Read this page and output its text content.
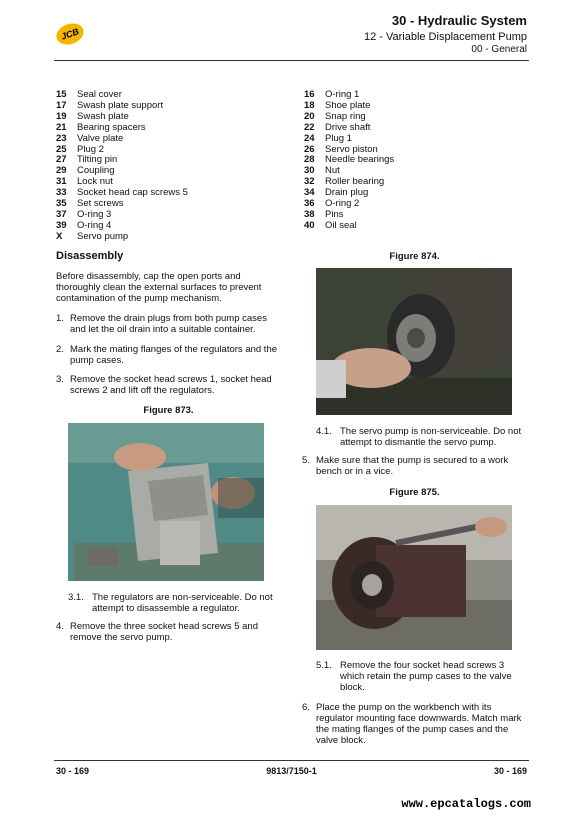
JCB
30 - Hydraulic System
12 - Variable Displacement Pump
00 - General
15	Seal cover
17	Swash plate support
19	Swash plate
21	Bearing spacers
23	Valve plate
25	Plug 2
27	Tilting pin
29	Coupling
31	Lock nut
33	Socket head cap screws 5
35	Set screws
37	O-ring 3
39	O-ring 4
X	Servo pump
16	O-ring 1
18	Shoe plate
20	Snap ring
22	Drive shaft
24	Plug 1
26	Servo piston
28	Needle bearings
30	Nut
32	Roller bearing
34	Drain plug
36	O-ring 2
38	Pins
40	Oil seal
Disassembly
Before disassembly, cap the open ports and
thoroughly clean the external surfaces to prevent
contamination of the pump mechanism.
1. Remove the drain plugs from both pump cases
and let the oil drain into a suitable container.
2. Mark the mating flanges of the regulators and the
pump cases.
3. Remove the socket head screws 1, socket head
screws 2 and lift off the regulators.
Figure 873.
3.1. The regulators are non-serviceable. Do not
attempt to disassemble a regulator.
4. Remove the three socket head screws 5 and
remove the servo pump.
Figure 874.
4.1. The servo pump is non-serviceable. Do not
attempt to dismantle the servo pump.
5. Make sure that the pump is secured to a work
bench or in a vice.
Figure 875.
5.1. Remove the four socket head screws 3
which retain the pump cases to the valve
block.
6. Place the pump on the workbench with its
regulator mounting face downwards. Match mark
the mating flanges of the pump cases and the
valve block.
30 - 169	9813/7150-1	30 - 169
www.epcatalogs.com
